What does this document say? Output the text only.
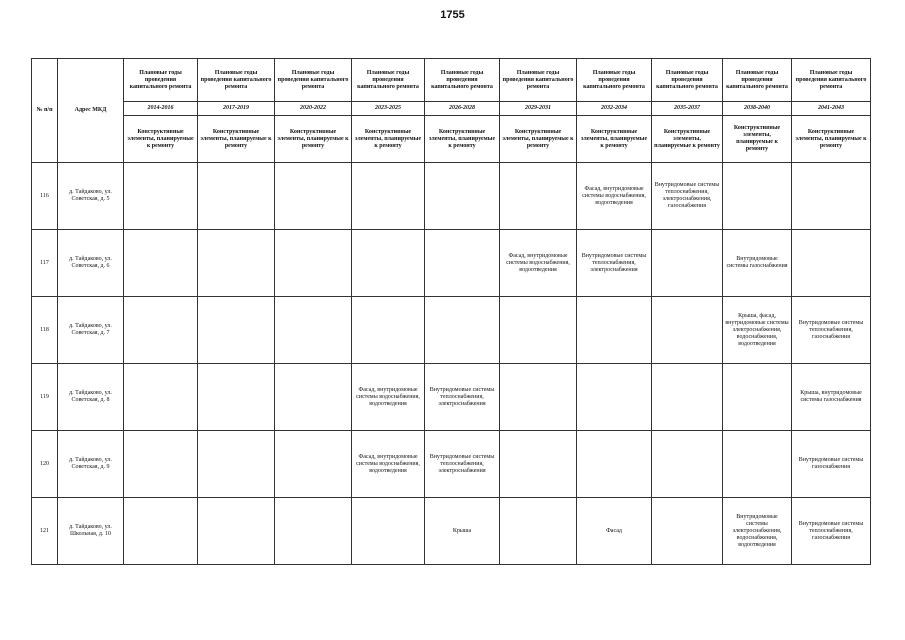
1755
№ п/п	Адрес МКД	Плановые годы проведения капитального ремонта	Плановые годы проведения капитального ремонта	Плановые годы проведения капитального ремонта	Плановые годы проведения капитального ремонта	Плановые годы проведения капитального ремонта	Плановые годы проведения капитального ремонта	Плановые годы проведения капитального ремонта	Плановые годы проведения капитального ремонта	Плановые годы проведения капитального ремонта	Плановые годы проведения капитального ремонта
		2014-2016	2017-2019	2020-2022	2023-2025	2026-2028	2029-2031	2032-2034	2035-2037	2038-2040	2041-2043
		Конструктивные элементы, планируемые к ремонту	Конструктивные элементы, планируемые к ремонту	Конструктивные элементы, планируемые к ремонту	Конструктивные элементы, планируемые к ремонту	Конструктивные элементы, планируемые к ремонту	Конструктивные элементы, планируемые к ремонту	Конструктивные элементы, планируемые к ремонту	Конструктивные элементы, планируемые к ремонту	Конструктивные элементы, планируемые к ремонту	Конструктивные элементы, планируемые к ремонту
116	д. Тайдаково, ул. Советская, д. 5							Фасад, внутридомовые системы водоснабжения, водоотведения	Внутридомовые системы теплоснабжения, электроснабжения, газоснабжения		
117	д. Тайдаково, ул. Советская, д. 6						Фасад, внутридомовые системы водоснабжения, водоотведения	Внутридомовые системы теплоснабжения, электроснабжения		Внутридомовые системы газоснабжения	
118	д. Тайдаково, ул. Советская, д. 7									Крыша, фасад, внутридомовые системы электроснабжения, водоснабжения, водоотведения	Внутридомовые системы теплоснабжения, газоснабжения
119	д. Тайдаково, ул. Советская, д. 8				Фасад, внутридомовые системы водоснабжения, водоотведения	Внутридомовые системы теплоснабжения, электроснабжения					Крыша, внутридомовые системы газоснабжения
120	д. Тайдаково, ул. Советская, д. 9				Фасад, внутридомовые системы водоснабжения, водоотведения	Внутридомовые системы теплоснабжения, электроснабжения					Внутридомовые системы газоснабжения
121	д. Тайдаково, ул. Школьная, д. 10					Крыша		Фасад		Внутридомовые системы электроснабжения, водоснабжения, водоотведения	Внутридомовые системы теплоснабжения, газоснабжения
